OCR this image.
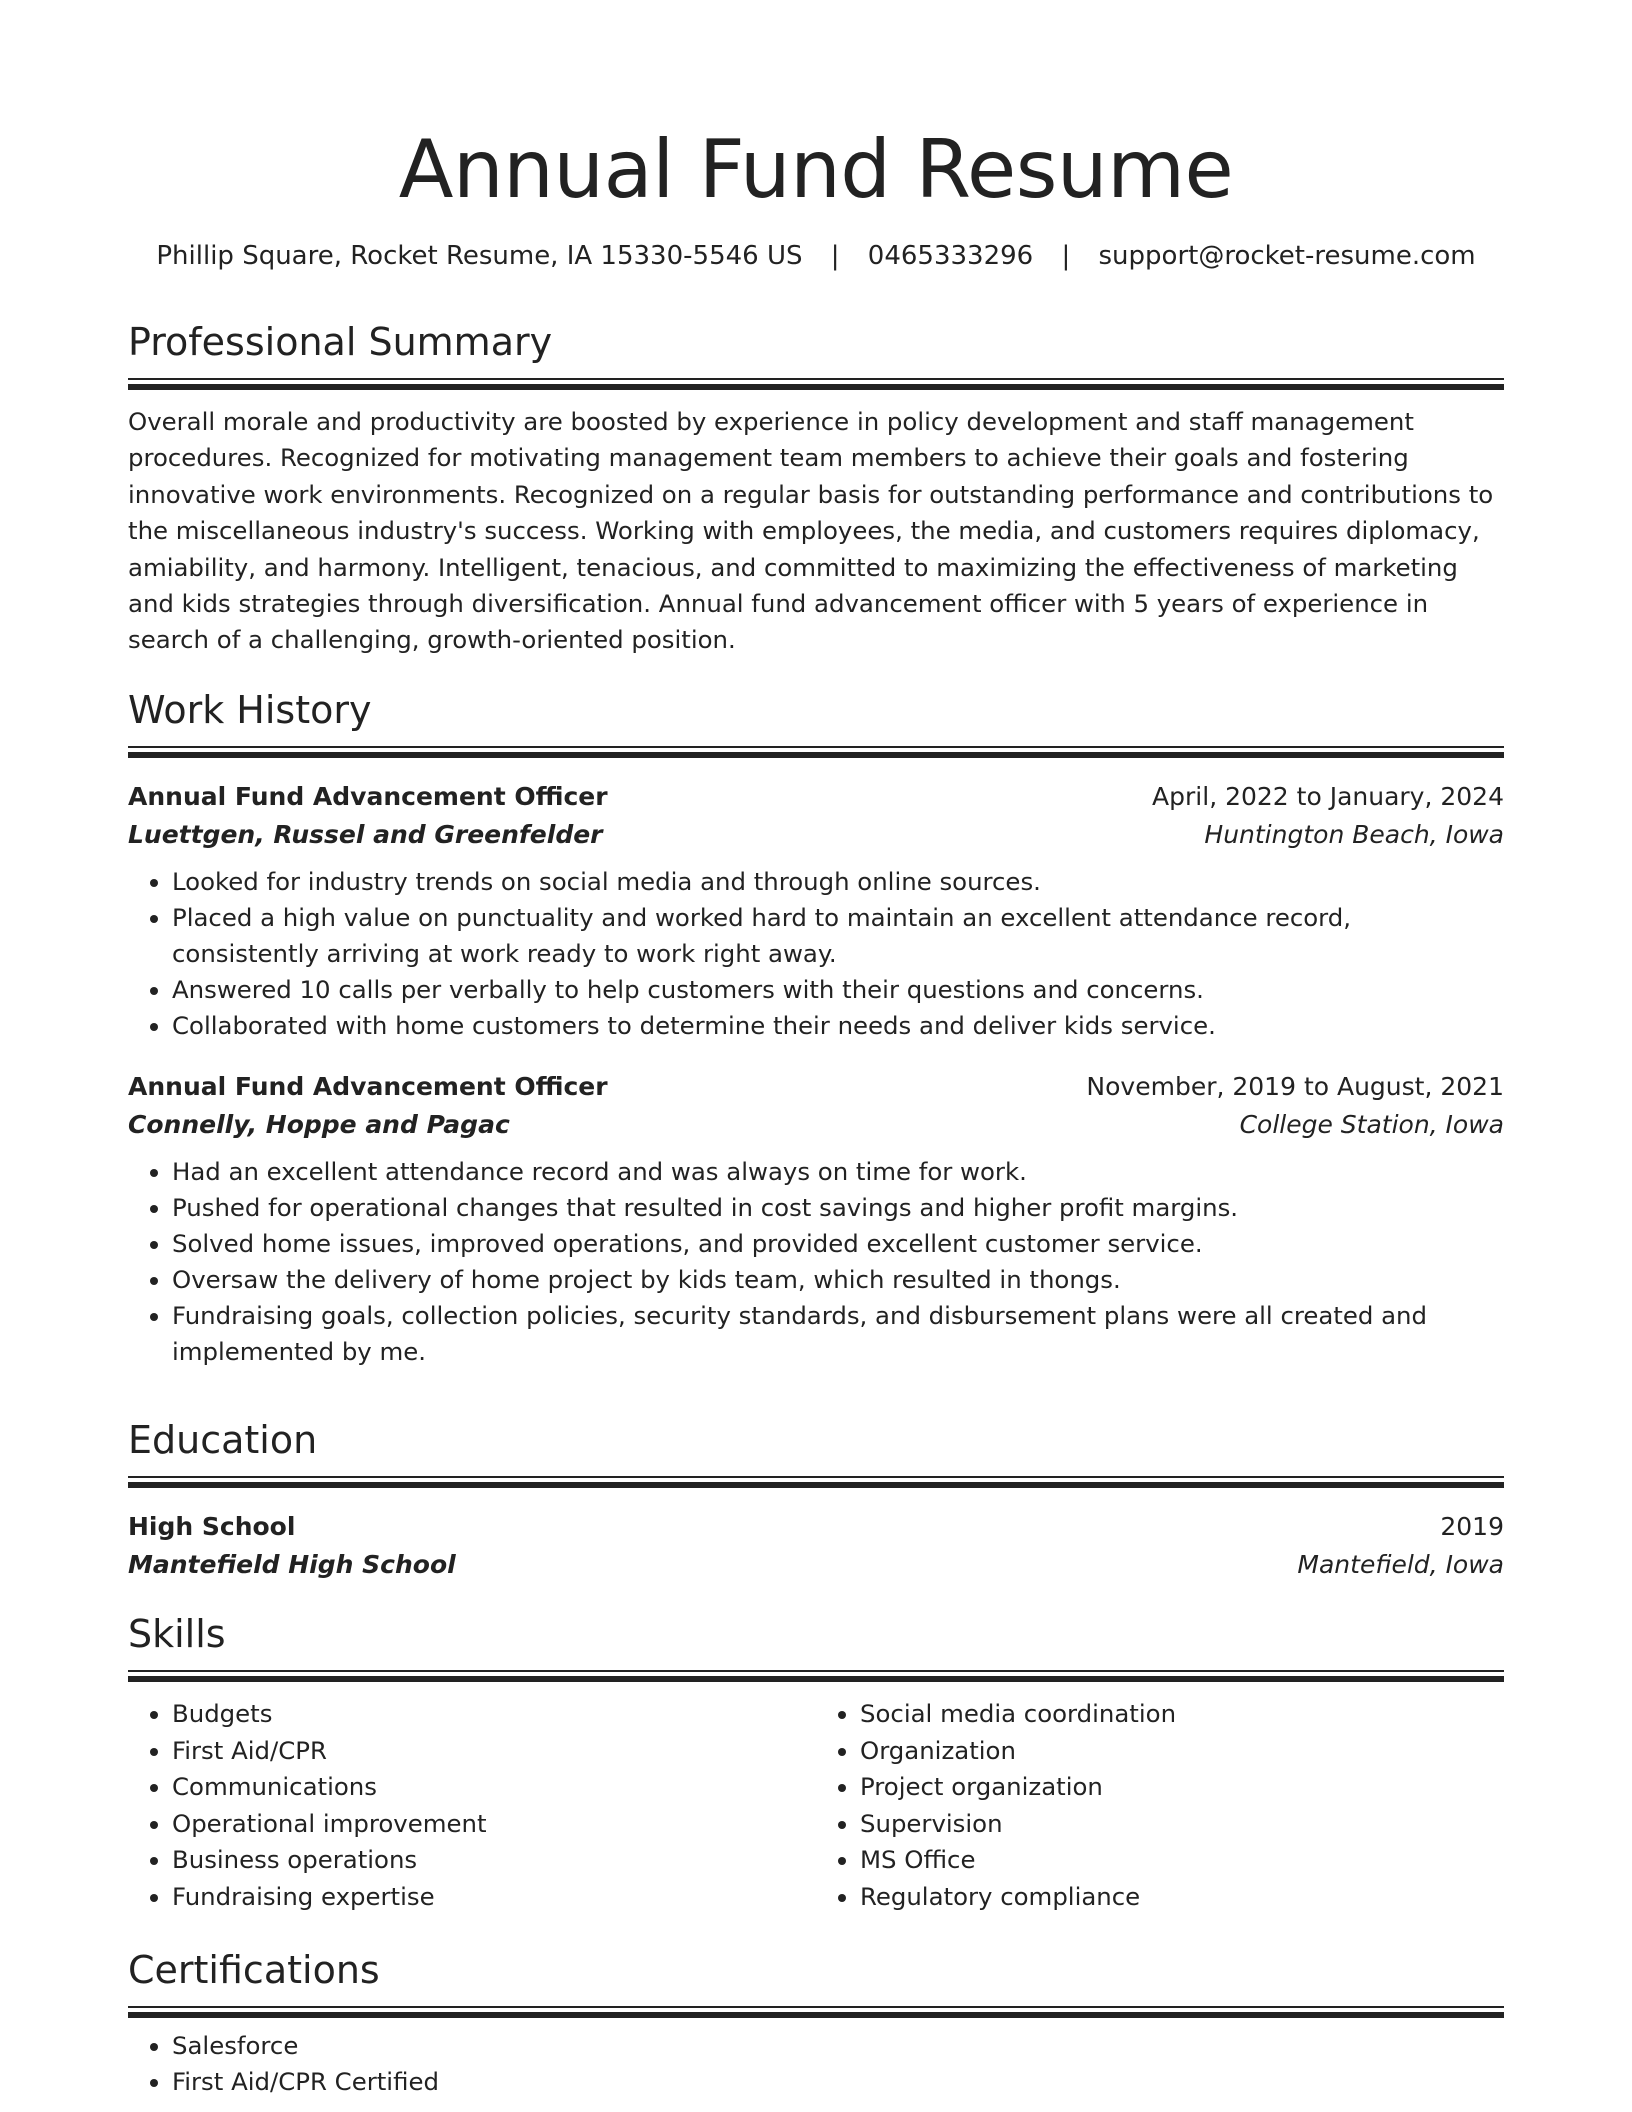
Annual Fund Resume
Phillip Square, Rocket Resume, IA 15330-5546 US | 0465333296 | support@rocket-resume.com
Professional Summary
Overall morale and productivity are boosted by experience in policy development and staff management procedures. Recognized for motivating management team members to achieve their goals and fostering innovative work environments. Recognized on a regular basis for outstanding performance and contributions to the miscellaneous industry's success. Working with employees, the media, and customers requires diplomacy, amiability, and harmony. Intelligent, tenacious, and committed to maximizing the effectiveness of marketing and kids strategies through diversification. Annual fund advancement officer with 5 years of experience in search of a challenging, growth-oriented position.
Work History
Annual Fund Advancement Officer	April, 2022 to January, 2024
Luettgen, Russel and Greenfelder	Huntington Beach, Iowa
• Looked for industry trends on social media and through online sources.
• Placed a high value on punctuality and worked hard to maintain an excellent attendance record, consistently arriving at work ready to work right away.
• Answered 10 calls per verbally to help customers with their questions and concerns.
• Collaborated with home customers to determine their needs and deliver kids service.
Annual Fund Advancement Officer	November, 2019 to August, 2021
Connelly, Hoppe and Pagac	College Station, Iowa
• Had an excellent attendance record and was always on time for work.
• Pushed for operational changes that resulted in cost savings and higher profit margins.
• Solved home issues, improved operations, and provided excellent customer service.
• Oversaw the delivery of home project by kids team, which resulted in thongs.
• Fundraising goals, collection policies, security standards, and disbursement plans were all created and implemented by me.
Education
High School	2019
Mantefield High School	Mantefield, Iowa
Skills
• Budgets
• First Aid/CPR
• Communications
• Operational improvement
• Business operations
• Fundraising expertise
• Social media coordination
• Organization
• Project organization
• Supervision
• MS Office
• Regulatory compliance
Certifications
• Salesforce
• First Aid/CPR Certified
